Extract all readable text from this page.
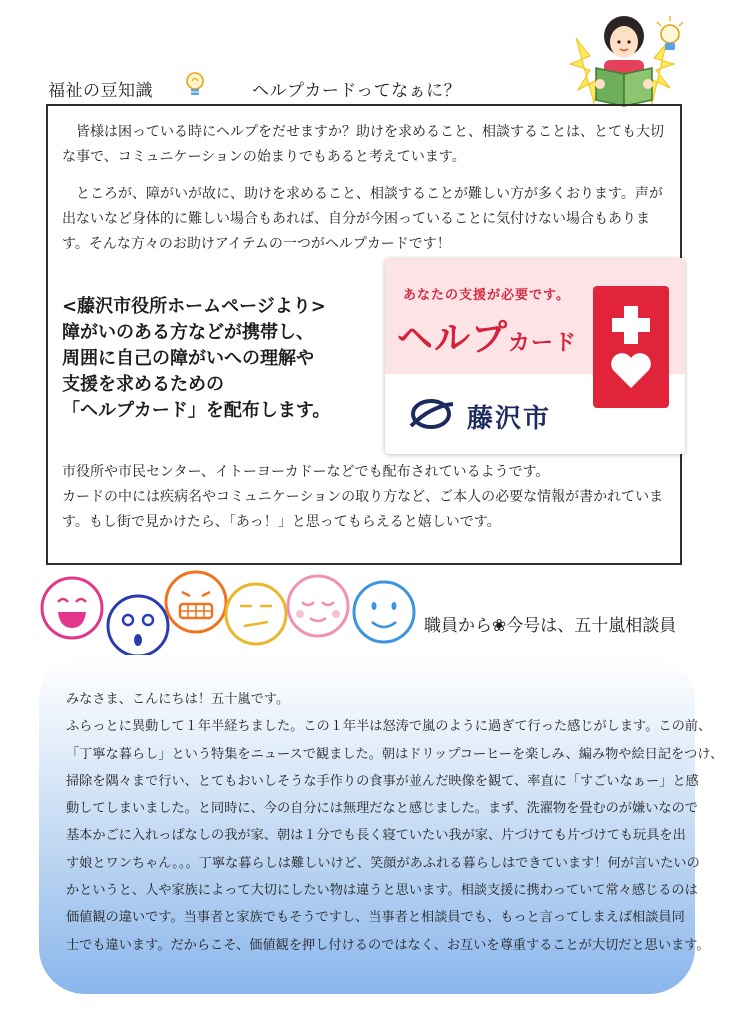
福祉の豆知識	ヘルプカードってなぁに？

皆様は困っている時にヘルプをだせますか？助けを求めること、相談することは、とても大切な事で、コミュニケーションの始まりでもあると考えています。

ところが、障がいが故に、助けを求めること、相談することが難しい方が多くおります。声が出ないなど身体的に難しい場合もあれば、自分が今困っていることに気付けない場合もあります。そんな方々のお助けアイテムの一つがヘルプカードです！

<藤沢市役所ホームページより>
障がいのある方などが携帯し、
周囲に自己の障がいへの理解や
支援を求めるための
「ヘルプカード」を配布します。
あなたの支援が必要です。
ヘルプカード
藤沢市

市役所や市民センター、イトーヨーカドーなどでも配布されているようです。

カードの中には疾病名やコミュニケーションの取り方など、ご本人の必要な情報が書かれています。もし街で見かけたら、「あっ！」と思ってもらえると嬉しいです。

職員から❀今号は、五十嵐相談員
みなさま、こんにちは！五十嵐です。
ふらっとに異動して１年半経ちました。この１年半は怒涛で嵐のように過ぎて行った感じがします。この前、
「丁寧な暮らし」という特集をニュースで観ました。朝はドリップコーヒーを楽しみ、編み物や絵日記をつけ、
掃除を隅々まで行い、とてもおいしそうな手作りの食事が並んだ映像を観て、率直に「すごいなぁー」と感
動してしまいました。と同時に、今の自分には無理だなと感じました。まず、洗濯物を畳むのが嫌いなので
基本かごに入れっぱなしの我が家、朝は１分でも長く寝ていたい我が家、片づけても片づけても玩具を出
す娘とワンちゃん。。。丁寧な暮らしは難しいけど、笑顔があふれる暮らしはできています！何が言いたいの
かというと、人や家族によって大切にしたい物は違うと思います。相談支援に携わっていて常々感じるのは
価値観の違いです。当事者と家族でもそうですし、当事者と相談員でも、もっと言ってしまえば相談員同
士でも違います。だからこそ、価値観を押し付けるのではなく、お互いを尊重することが大切だと思います。
